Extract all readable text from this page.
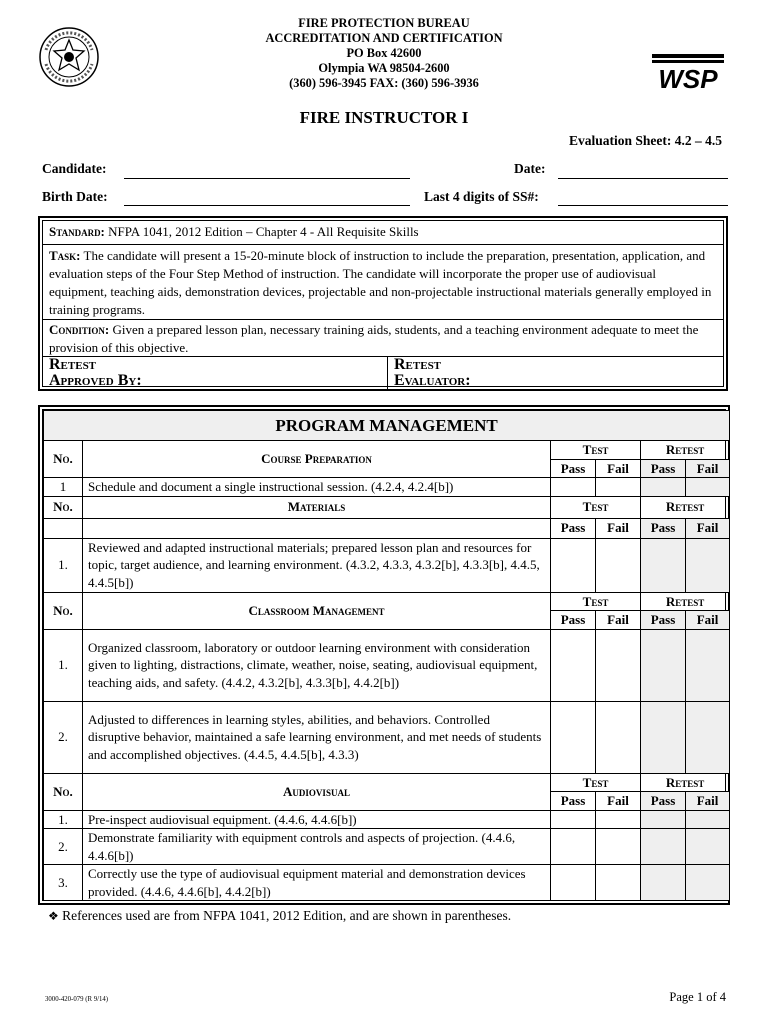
FIRE PROTECTION BUREAU
ACCREDITATION AND CERTIFICATION
PO Box 42600
Olympia WA 98504-2600
(360) 596-3945 FAX: (360) 596-3936	WSP
FIRE INSTRUCTOR I
Evaluation Sheet: 4.2 – 4.5
Candidate:	Date:
Birth Date:	Last 4 digits of SS#:
Standard: NFPA 1041, 2012 Edition – Chapter 4 - All Requisite Skills
Task: The candidate will present a 15-20-minute block of instruction to include the preparation, presentation, application, and evaluation steps of the Four Step Method of instruction. The candidate will incorporate the proper use of audiovisual equipment, teaching aids, demonstration devices, projectable and non-projectable instructional materials generally employed in training programs.
Condition: Given a prepared lesson plan, necessary training aids, students, and a teaching environment adequate to meet the provision of this objective.
Retest
Approved By:
Retest
Evaluator:
PROGRAM MANAGEMENT					
No.	Course Preparation	Test		Retest	
		Pass	Fail	Pass	Fail
1	Schedule and document a single instructional session. (4.2.4, 4.2.4[b])				
No.	Materials	Test		Retest	
		Pass	Fail	Pass	Fail
1.	Reviewed and adapted instructional materials; prepared lesson plan and resources for topic, target audience, and learning environment. (4.3.2, 4.3.3, 4.3.2[b], 4.3.3[b], 4.4.5, 4.4.5[b])				
No.	Classroom Management	Test		Retest	
		Pass	Fail	Pass	Fail
1.	Organized classroom, laboratory or outdoor learning environment with consideration given to lighting, distractions, climate, weather, noise, seating, audiovisual equipment, teaching aids, and safety. (4.4.2, 4.3.2[b], 4.3.3[b], 4.4.2[b])				
2.	Adjusted to differences in learning styles, abilities, and behaviors. Controlled disruptive behavior, maintained a safe learning environment, and met needs of students and accomplished objectives. (4.4.5, 4.4.5[b], 4.3.3)				
No.	Audiovisual	Test		Retest	
		Pass	Fail	Pass	Fail
1.	Pre-inspect audiovisual equipment. (4.4.6, 4.4.6[b])				
2.	Demonstrate familiarity with equipment controls and aspects of projection. (4.4.6, 4.4.6[b])				
3.	Correctly use the type of audiovisual equipment material and demonstration devices provided. (4.4.6, 4.4.6[b], 4.4.2[b])				
❖ References used are from NFPA 1041, 2012 Edition, and are shown in parentheses.
3000-420-079 (R 9/14)	Page 1 of 4
